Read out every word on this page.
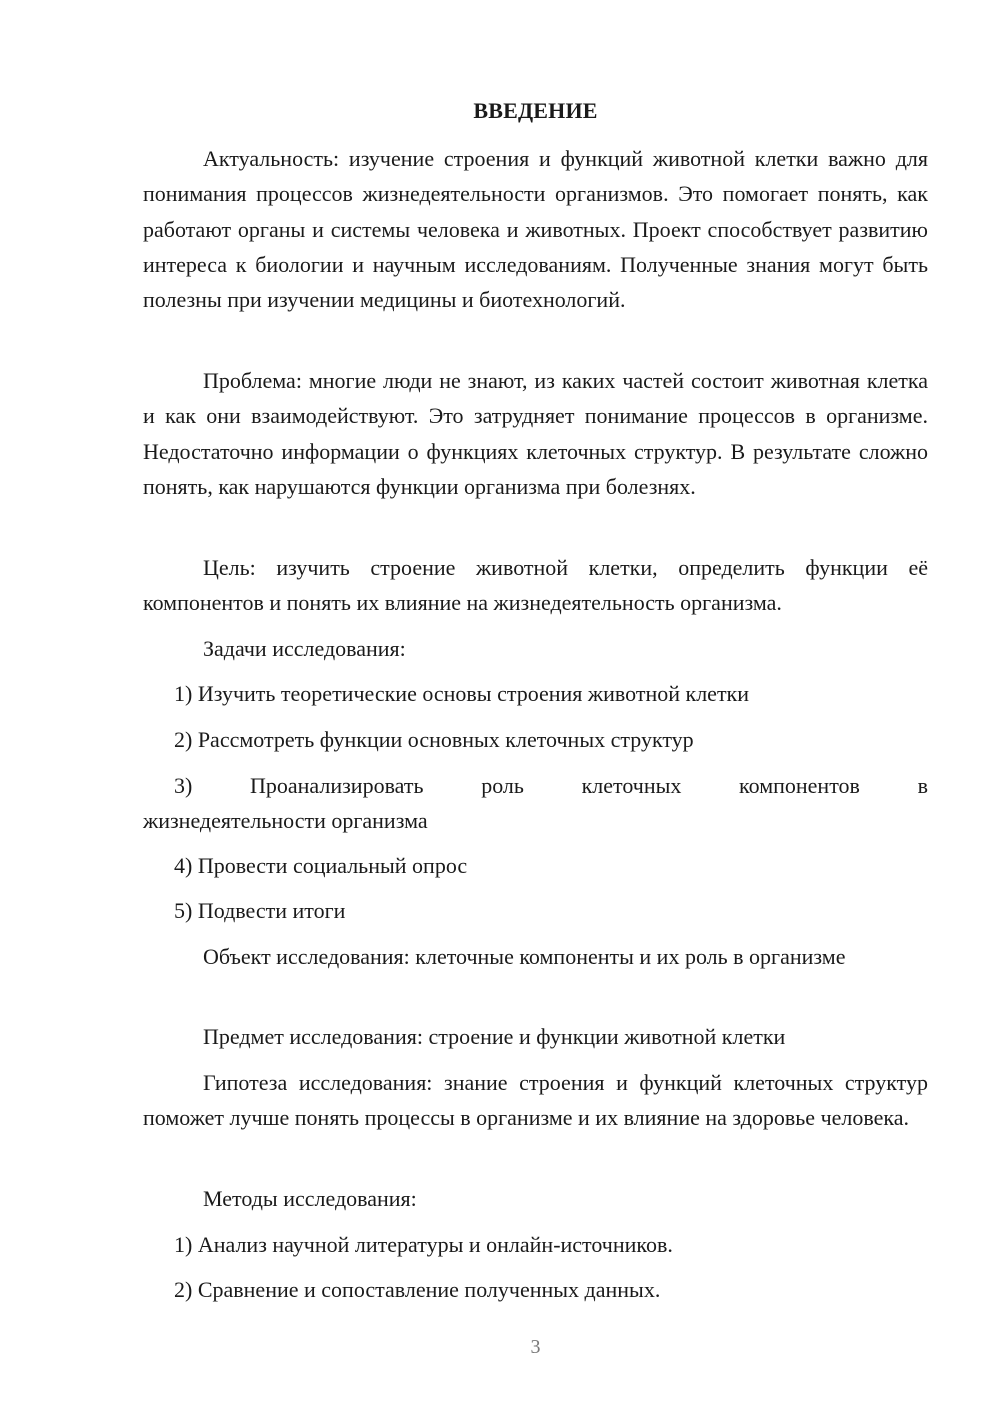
ВВЕДЕНИЕ

Актуальность: изучение строения и функций животной клетки важно для понимания процессов жизнедеятельности организмов. Это помогает понять, как работают органы и системы человека и животных. Проект способствует развитию интереса к биологии и научным исследованиям. Полученные знания могут быть полезны при изучении медицины и биотехнологий.

Проблема: многие люди не знают, из каких частей состоит животная клетка и как они взаимодействуют. Это затрудняет понимание процессов в организме. Недостаточно информации о функциях клеточных структур. В результате сложно понять, как нарушаются функции организма при болезнях.

Цель: изучить строение животной клетки, определить функции её компонентов и понять их влияние на жизнедеятельность организма.

Задачи исследования:

1) Изучить теоретические основы строения животной клетки

2) Рассмотреть функции основных клеточных структур

3)	Проанализировать	роль	клеточных	компонентов	в
жизнедеятельности организма

4) Провести социальный опрос

5) Подвести итоги

Объект исследования: клеточные компоненты и их роль в организме

Предмет исследования: строение и функции животной клетки

Гипотеза исследования: знание строения и функций клеточных структур поможет лучше понять процессы в организме и их влияние на здоровье человека.

Методы исследования:

1) Анализ научной литературы и онлайн-источников.

2) Сравнение и сопоставление полученных данных.

3
